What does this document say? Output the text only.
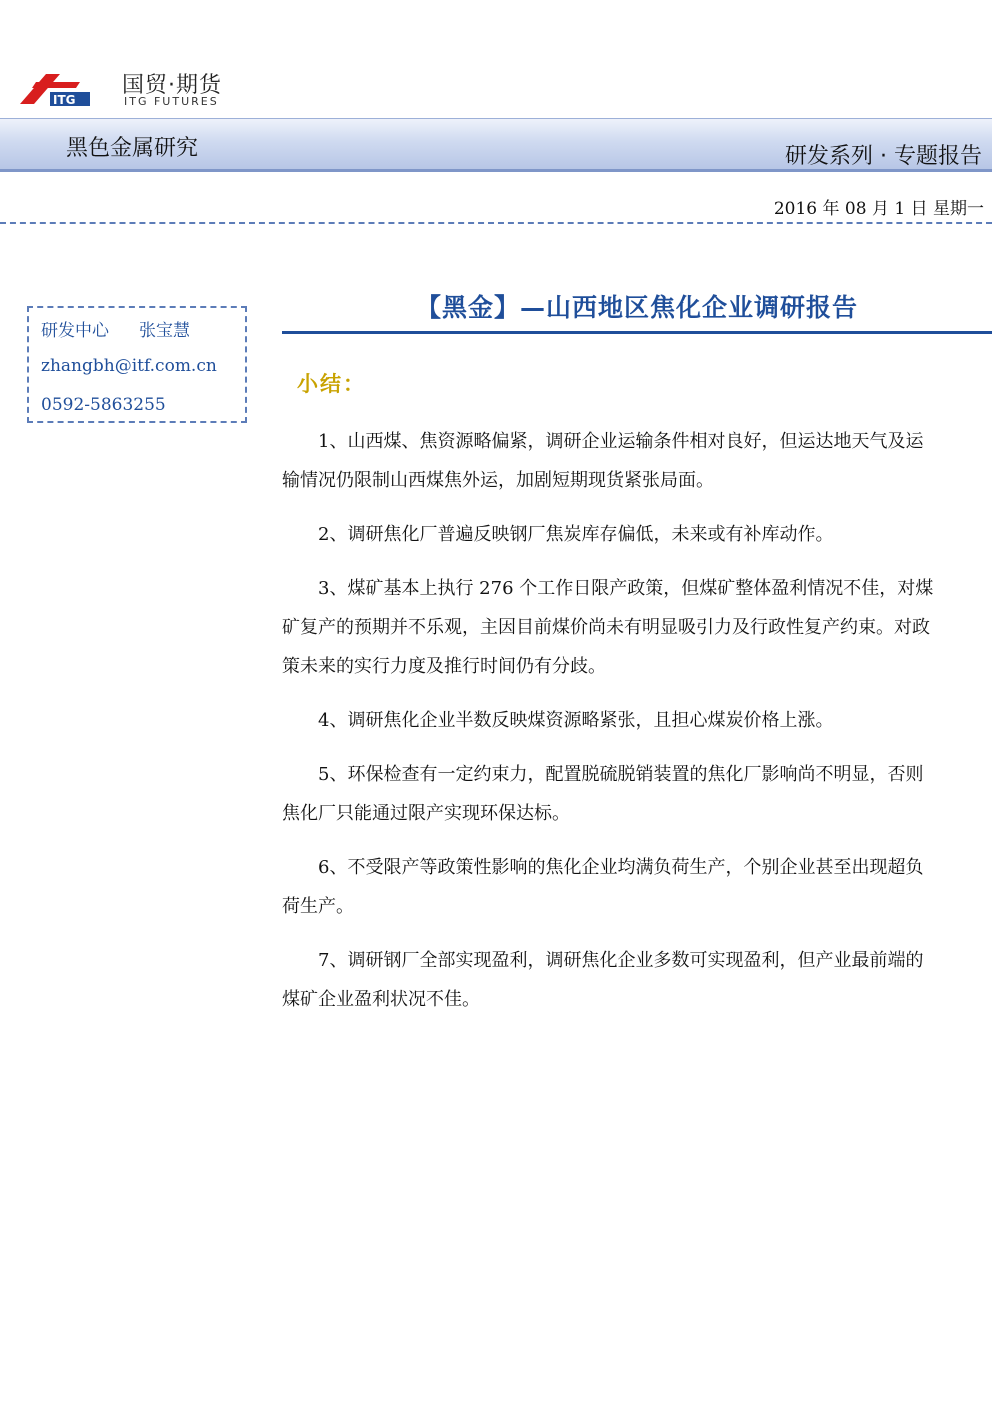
ITG
国贸·期货
ITG FUTURES
黑色金属研究	研发系列 · 专题报告
2016 年 08 月 1 日 星期一
研发中心 张宝慧
zhangbh@itf.com.cn
0592-5863255
【黑金】—山西地区焦化企业调研报告
小结：

1、山西煤、焦资源略偏紧，调研企业运输条件相对良好，但运达地天气及运输情况仍限制山西煤焦外运，加剧短期现货紧张局面。

2、调研焦化厂普遍反映钢厂焦炭库存偏低，未来或有补库动作。

3、煤矿基本上执行 276 个工作日限产政策，但煤矿整体盈利情况不佳，对煤矿复产的预期并不乐观，主因目前煤价尚未有明显吸引力及行政性复产约束。对政策未来的实行力度及推行时间仍有分歧。

4、调研焦化企业半数反映煤资源略紧张，且担心煤炭价格上涨。

5、环保检查有一定约束力，配置脱硫脱销装置的焦化厂影响尚不明显，否则焦化厂只能通过限产实现环保达标。

6、不受限产等政策性影响的焦化企业均满负荷生产，个别企业甚至出现超负荷生产。

7、调研钢厂全部实现盈利，调研焦化企业多数可实现盈利，但产业最前端的煤矿企业盈利状况不佳。
